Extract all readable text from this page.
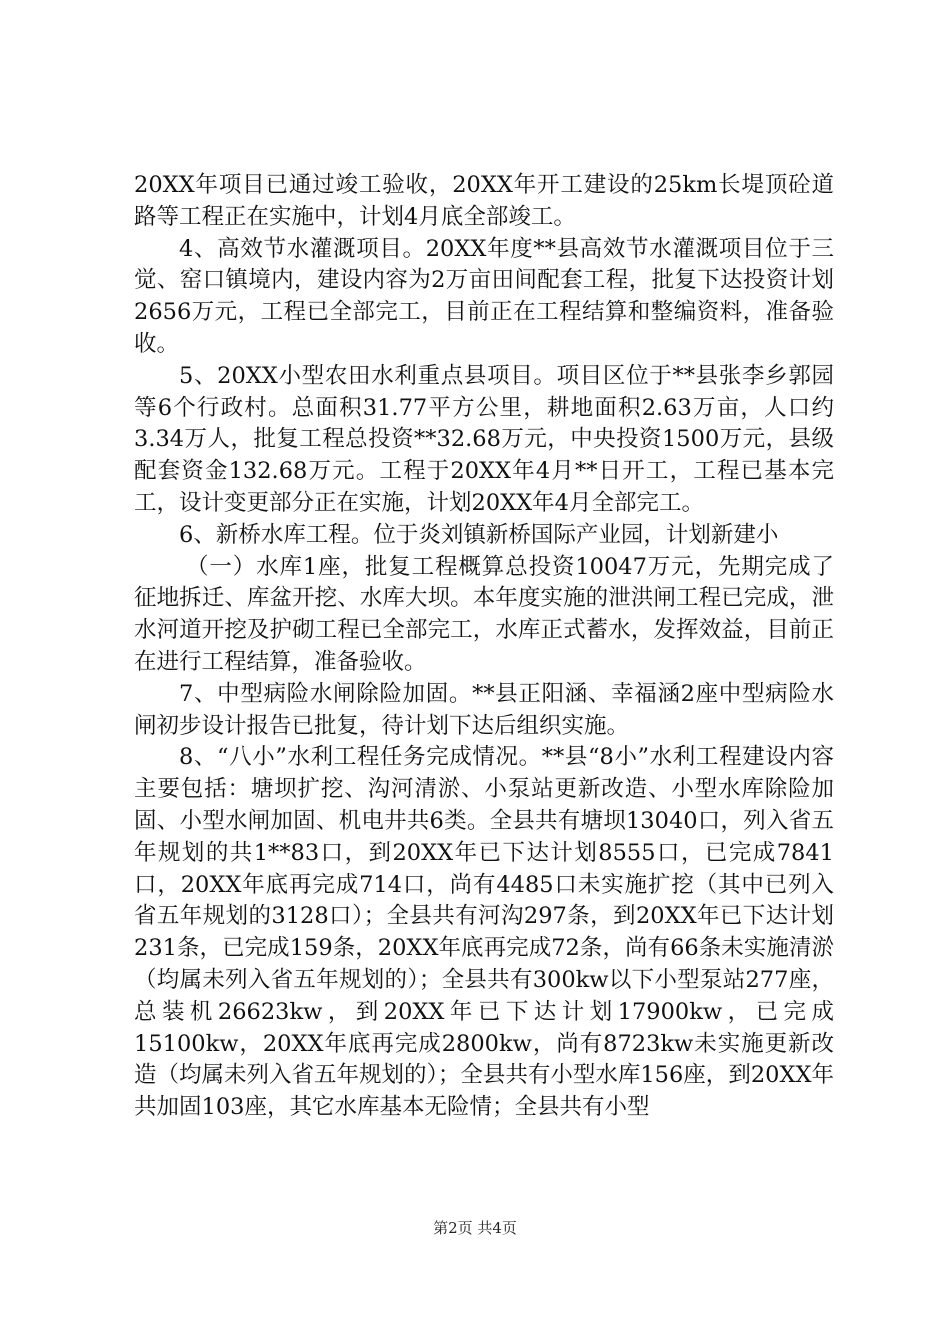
20XX年项目已通过竣工验收，20XX年开工建设的25km长堤顶砼道路等工程正在实施中，计划4月底全部竣工。

4、高效节水灌溉项目。20XX年度**县高效节水灌溉项目位于三觉、窑口镇境内，建设内容为2万亩田间配套工程，批复下达投资计划2656万元，工程已全部完工，目前正在工程结算和整编资料，准备验收。

5、20XX小型农田水利重点县项目。项目区位于**县张李乡郭园等6个行政村。总面积31.77平方公里，耕地面积2.63万亩，人口约3.34万人，批复工程总投资**32.68万元，中央投资1500万元，县级配套资金132.68万元。工程于20XX年4月**日开工，工程已基本完工，设计变更部分正在实施，计划20XX年4月全部完工。

6、新桥水库工程。位于炎刘镇新桥国际产业园，计划新建小

（一）水库1座，批复工程概算总投资10047万元，先期完成了征地拆迁、库盆开挖、水库大坝。本年度实施的泄洪闸工程已完成，泄水河道开挖及护砌工程已全部完工，水库正式蓄水，发挥效益，目前正在进行工程结算，准备验收。

7、中型病险水闸除险加固。**县正阳涵、幸福涵2座中型病险水闸初步设计报告已批复，待计划下达后组织实施。

8、“八小”水利工程任务完成情况。**县“8小”水利工程建设内容主要包括：塘坝扩挖、沟河清淤、小泵站更新改造、小型水库除险加固、小型水闸加固、机电井共6类。全县共有塘坝13040口，列入省五年规划的共1**83口，到20XX年已下达计划8555口，已完成7841口，20XX年底再完成714口，尚有4485口未实施扩挖（其中已列入省五年规划的3128口）；全县共有河沟297条，到20XX年已下达计划231条，已完成159条，20XX年底再完成72条，尚有66条未实施清淤（均属未列入省五年规划的）；全县共有300kw以下小型泵站277座，总装机26623kw，到20XX年已下达计划17900kw，已完成15100kw，20XX年底再完成2800kw，尚有8723kw未实施更新改造（均属未列入省五年规划的）；全县共有小型水库156座，到20XX年共加固103座，其它水库基本无险情；全县共有小型

第2页 共4页
